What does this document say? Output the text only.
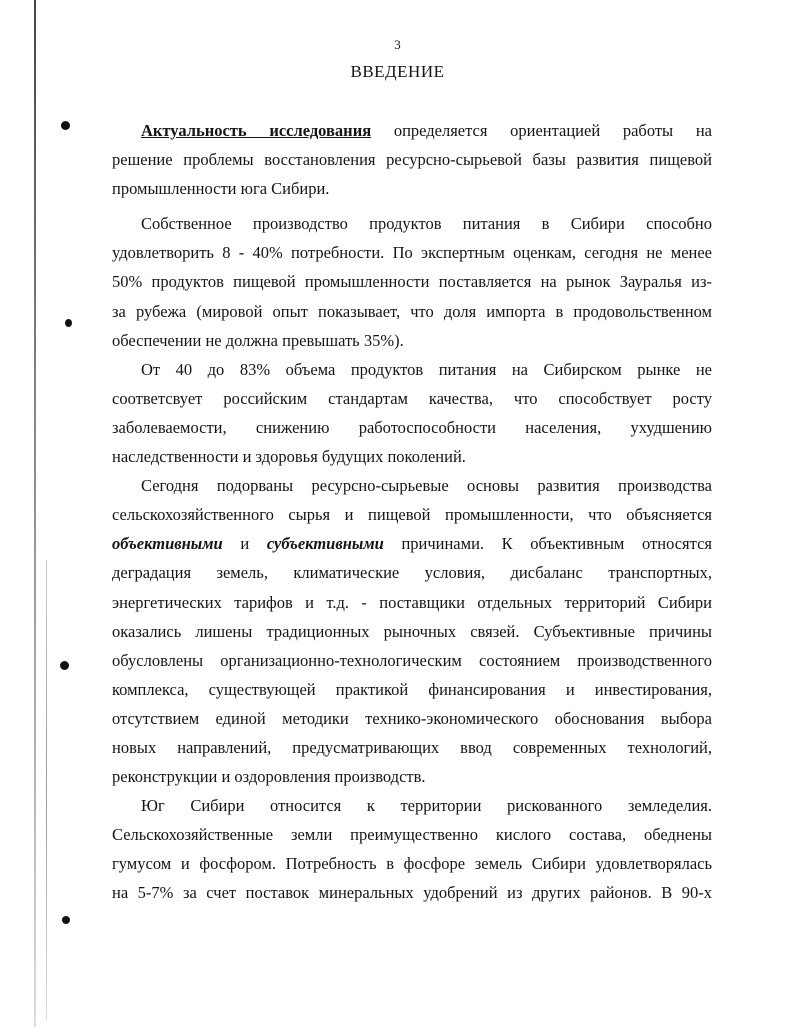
3
ВВЕДЕНИЕ
Актуальность исследования определяется ориентацией работы на
решение проблемы восстановления ресурсно-сырьевой базы развития пищевой
промышленности юга Сибири.
Собственное производство продуктов питания в Сибири способно
удовлетворить 8 - 40% потребности. По экспертным оценкам, сегодня не менее
50% продуктов пищевой промышленности поставляется на рынок Зауралья из-
за рубежа (мировой опыт показывает, что доля импорта в продовольственном
обеспечении не должна превышать 35%).
От 40 до 83% объема продуктов питания на Сибирском рынке не
соответсвует российским стандартам качества, что способствует росту
заболеваемости, снижению работоспособности населения, ухудшению
наследственности и здоровья будущих поколений.
Сегодня подорваны ресурсно-сырьевые основы развития производства
сельскохозяйственного сырья и пищевой промышленности, что объясняется
объективными и субъективными причинами. К объективным относятся
деградация земель, климатические условия, дисбаланс транспортных,
энергетических тарифов и т.д. - поставщики отдельных территорий Сибири
оказались лишены традиционных рыночных связей. Субъективные причины
обусловлены организационно-технологическим состоянием производственного
комплекса, существующей практикой финансирования и инвестирования,
отсутствием единой методики технико-экономического обоснования выбора
новых направлений, предусматривающих ввод современных технологий,
реконструкции и оздоровления производств.
Юг Сибири относится к территории рискованного земледелия.
Сельскохозяйственные земли преимущественно кислого состава, обеднены
гумусом и фосфором. Потребность в фосфоре земель Сибири удовлетворялась
на 5-7% за счет поставок минеральных удобрений из других районов. В 90-х
